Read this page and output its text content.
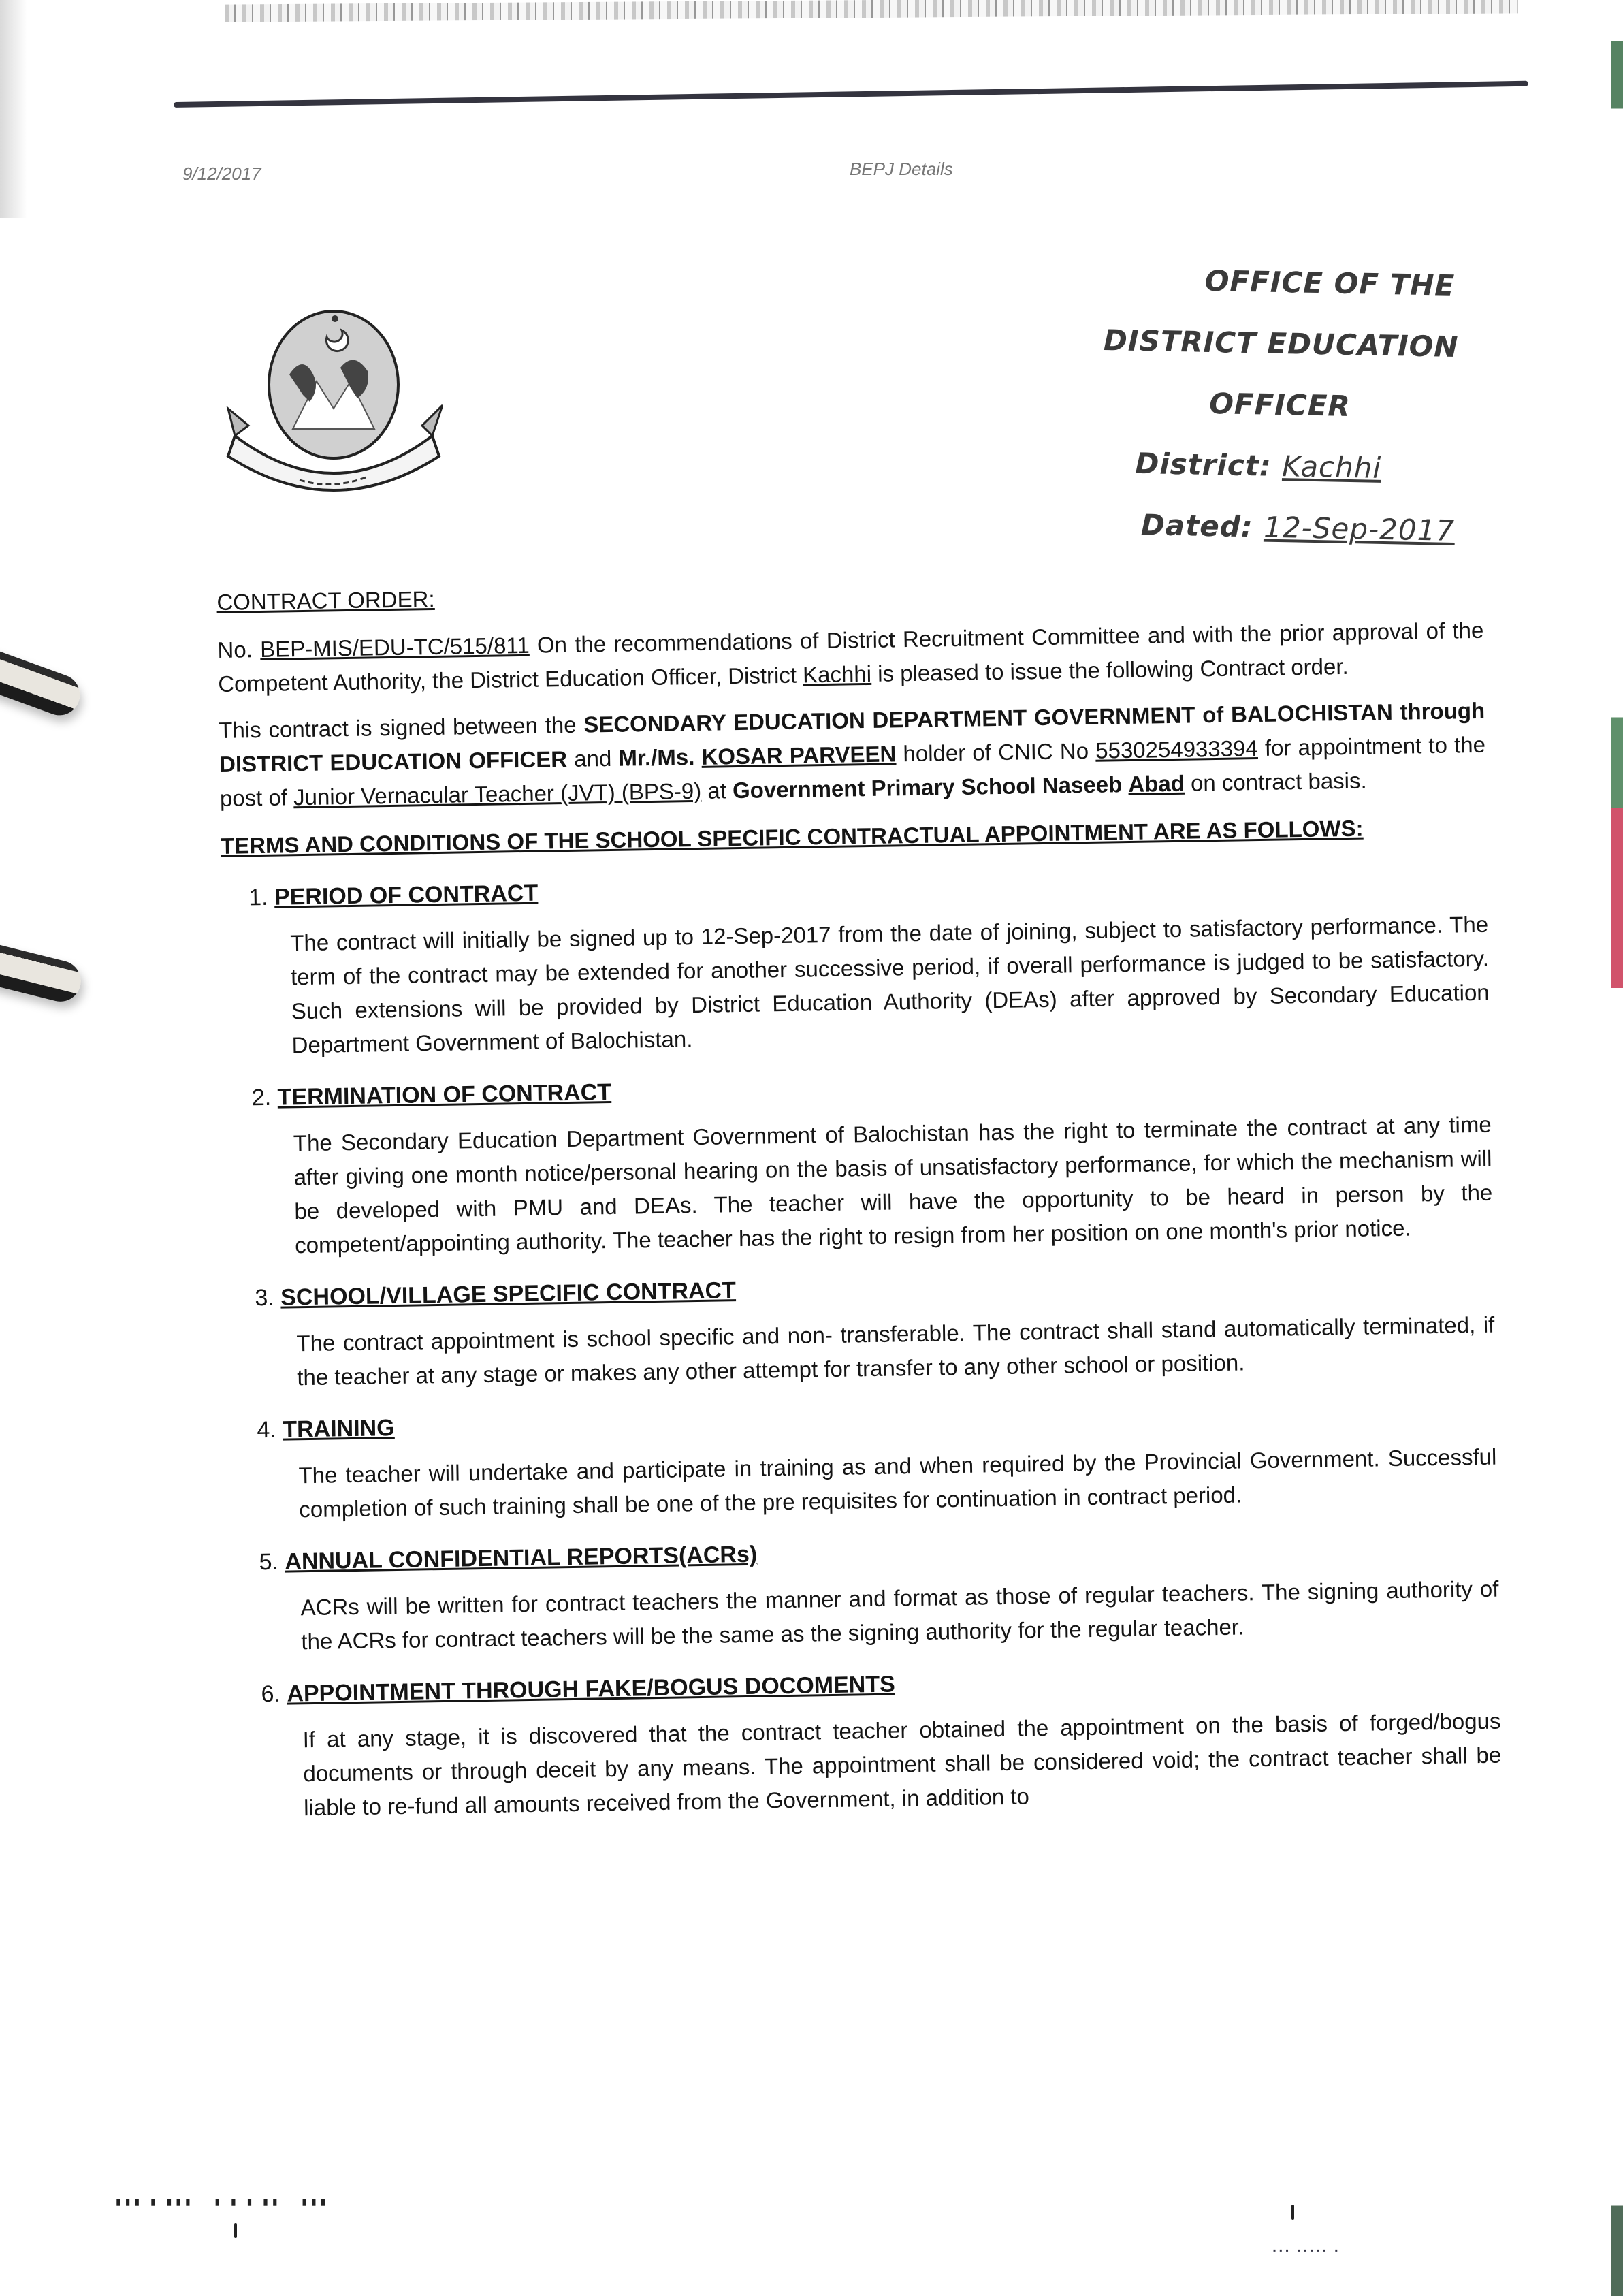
9/12/2017	BEPJ Details
OFFICE OF THE
DISTRICT EDUCATION OFFICER
District: Kachhi
Dated: 12-Sep-2017
CONTRACT ORDER:

No. BEP-MIS/EDU-TC/515/811 On the recommendations of District Recruitment Committee and with the prior approval of the Competent Authority, the District Education Officer, District Kachhi is pleased to issue the following Contract order.

This contract is signed between the SECONDARY EDUCATION DEPARTMENT GOVERNMENT of BALOCHISTAN through DISTRICT EDUCATION OFFICER and Mr./Ms. KOSAR PARVEEN holder of CNIC No 5530254933394 for appointment to the post of Junior Vernacular Teacher (JVT) (BPS-9) at Government Primary School Naseeb Abad on contract basis.

TERMS AND CONDITIONS OF THE SCHOOL SPECIFIC CONTRACTUAL APPOINTMENT ARE AS FOLLOWS:
1. PERIOD OF CONTRACT

The contract will initially be signed up to 12-Sep-2017 from the date of joining, subject to satisfactory performance. The term of the contract may be extended for another successive period, if overall performance is judged to be satisfactory. Such extensions will be provided by District Education Authority (DEAs) after approved by Secondary Education Department Government of Balochistan.

2. TERMINATION OF CONTRACT

The Secondary Education Department Government of Balochistan has the right to terminate the contract at any time after giving one month notice/personal hearing on the basis of unsatisfactory performance, for which the mechanism will be developed with PMU and DEAs. The teacher will have the opportunity to be heard in person by the competent/appointing authority. The teacher has the right to resign from her position on one month's prior notice.

3. SCHOOL/VILLAGE SPECIFIC CONTRACT

The contract appointment is school specific and non- transferable. The contract shall stand automatically terminated, if the teacher at any stage or makes any other attempt for transfer to any other school or position.

4. TRAINING

The teacher will undertake and participate in training as and when required by the Provincial Government. Successful completion of such training shall be one of the pre requisites for continuation in contract period.

5. ANNUAL CONFIDENTIAL REPORTS(ACRs)

ACRs will be written for contract teachers the manner and format as those of regular teachers. The signing authority of the ACRs for contract teachers will be the same as the signing authority for the regular teacher.

6. APPOINTMENT THROUGH FAKE/BOGUS DOCOMENTS

If at any stage, it is discovered that the contract teacher obtained the appointment on the basis of forged/bogus documents or through deceit by any means. The appointment shall be considered void; the contract teacher shall be liable to re-fund all amounts received from the Government, in addition to

▮▮▮ ▮ ▮▮▮   ▮ ▮ ▮ ▮▮   ▮▮▮
▪▪▪ ▪▪▪▪▪ ▪
